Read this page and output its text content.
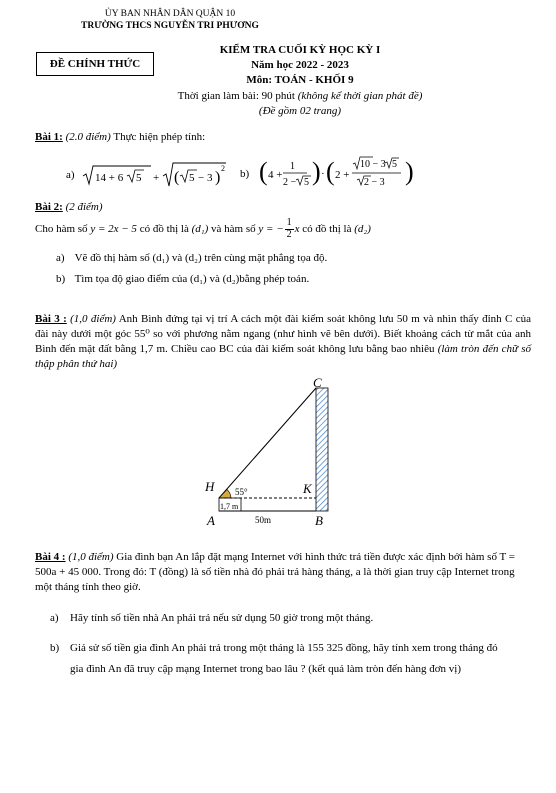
ỦY BAN NHÂN DÂN QUẬN 10
TRƯỜNG THCS NGUYỄN TRI PHƯƠNG
ĐỀ CHÍNH THỨC
KIỂM TRA CUỐI KỲ HỌC KỲ I
Năm học 2022 - 2023
Môn: TOÁN - KHỐI 9
Thời gian làm bài: 90 phút (không kể thời gian phát đề)
(Đề gồm 02 trang)
Bài 1: (2.0 điểm) Thực hiện phép tính:
a) 14 + 6 5 + ( 5 − 3 )
2 b) ( 4 +
1
2 − 5 ) · ( 2 +
10 − 3 5
2 − 3 )
Bài 2: (2 điểm)
Cho hàm số
y = 2x − 5
có đồ thị là
(d₁)
và hàm số
y = − $\frac{1}{2}$ x
có đồ thị là
(d₂)
a) Vẽ đồ thị hàm số (d₁) và (d₂) trên cùng mặt phẳng tọa độ.
b) Tìm tọa độ giao điểm của (d₁) và (d₂)bằng phép toán.
Bài 3 : (1,0 điểm) Anh Bình đứng tại vị trí A cách một đài kiểm soát không lưu 50 m và nhìn thấy đỉnh C của đài này dưới một góc 55⁰ so với phương nằm ngang (như hình vẽ bên dưới). Biết khoảng cách từ mắt của anh Bình đến mặt đất bằng 1,7 m. Chiều cao BC của đài kiểm soát không lưu bằng bao nhiêu (làm tròn đến chữ số thập phân thứ hai)
C
H	K
A	B
55°
1,7 m
50m
Bài 4 : (1,0 điểm) Gia đình bạn An lắp đặt mạng Internet với hình thức trả tiền được xác định bởi hàm số T = 500a + 45 000. Trong đó: T (đồng) là số tiền nhà đó phải trả hàng tháng, a là thời gian truy cập Internet trong một tháng tính theo giờ.
a)	Hãy tính số tiền nhà An phải trả nếu sử dụng 50 giờ trong một tháng.
b) Giả sử số tiền gia đình An phải trả trong một tháng là 155 325 đồng, hãy tính xem trong tháng đó gia đình An đã truy cập mạng Internet trong bao lâu ? (kết quả làm tròn đến hàng đơn vị)
